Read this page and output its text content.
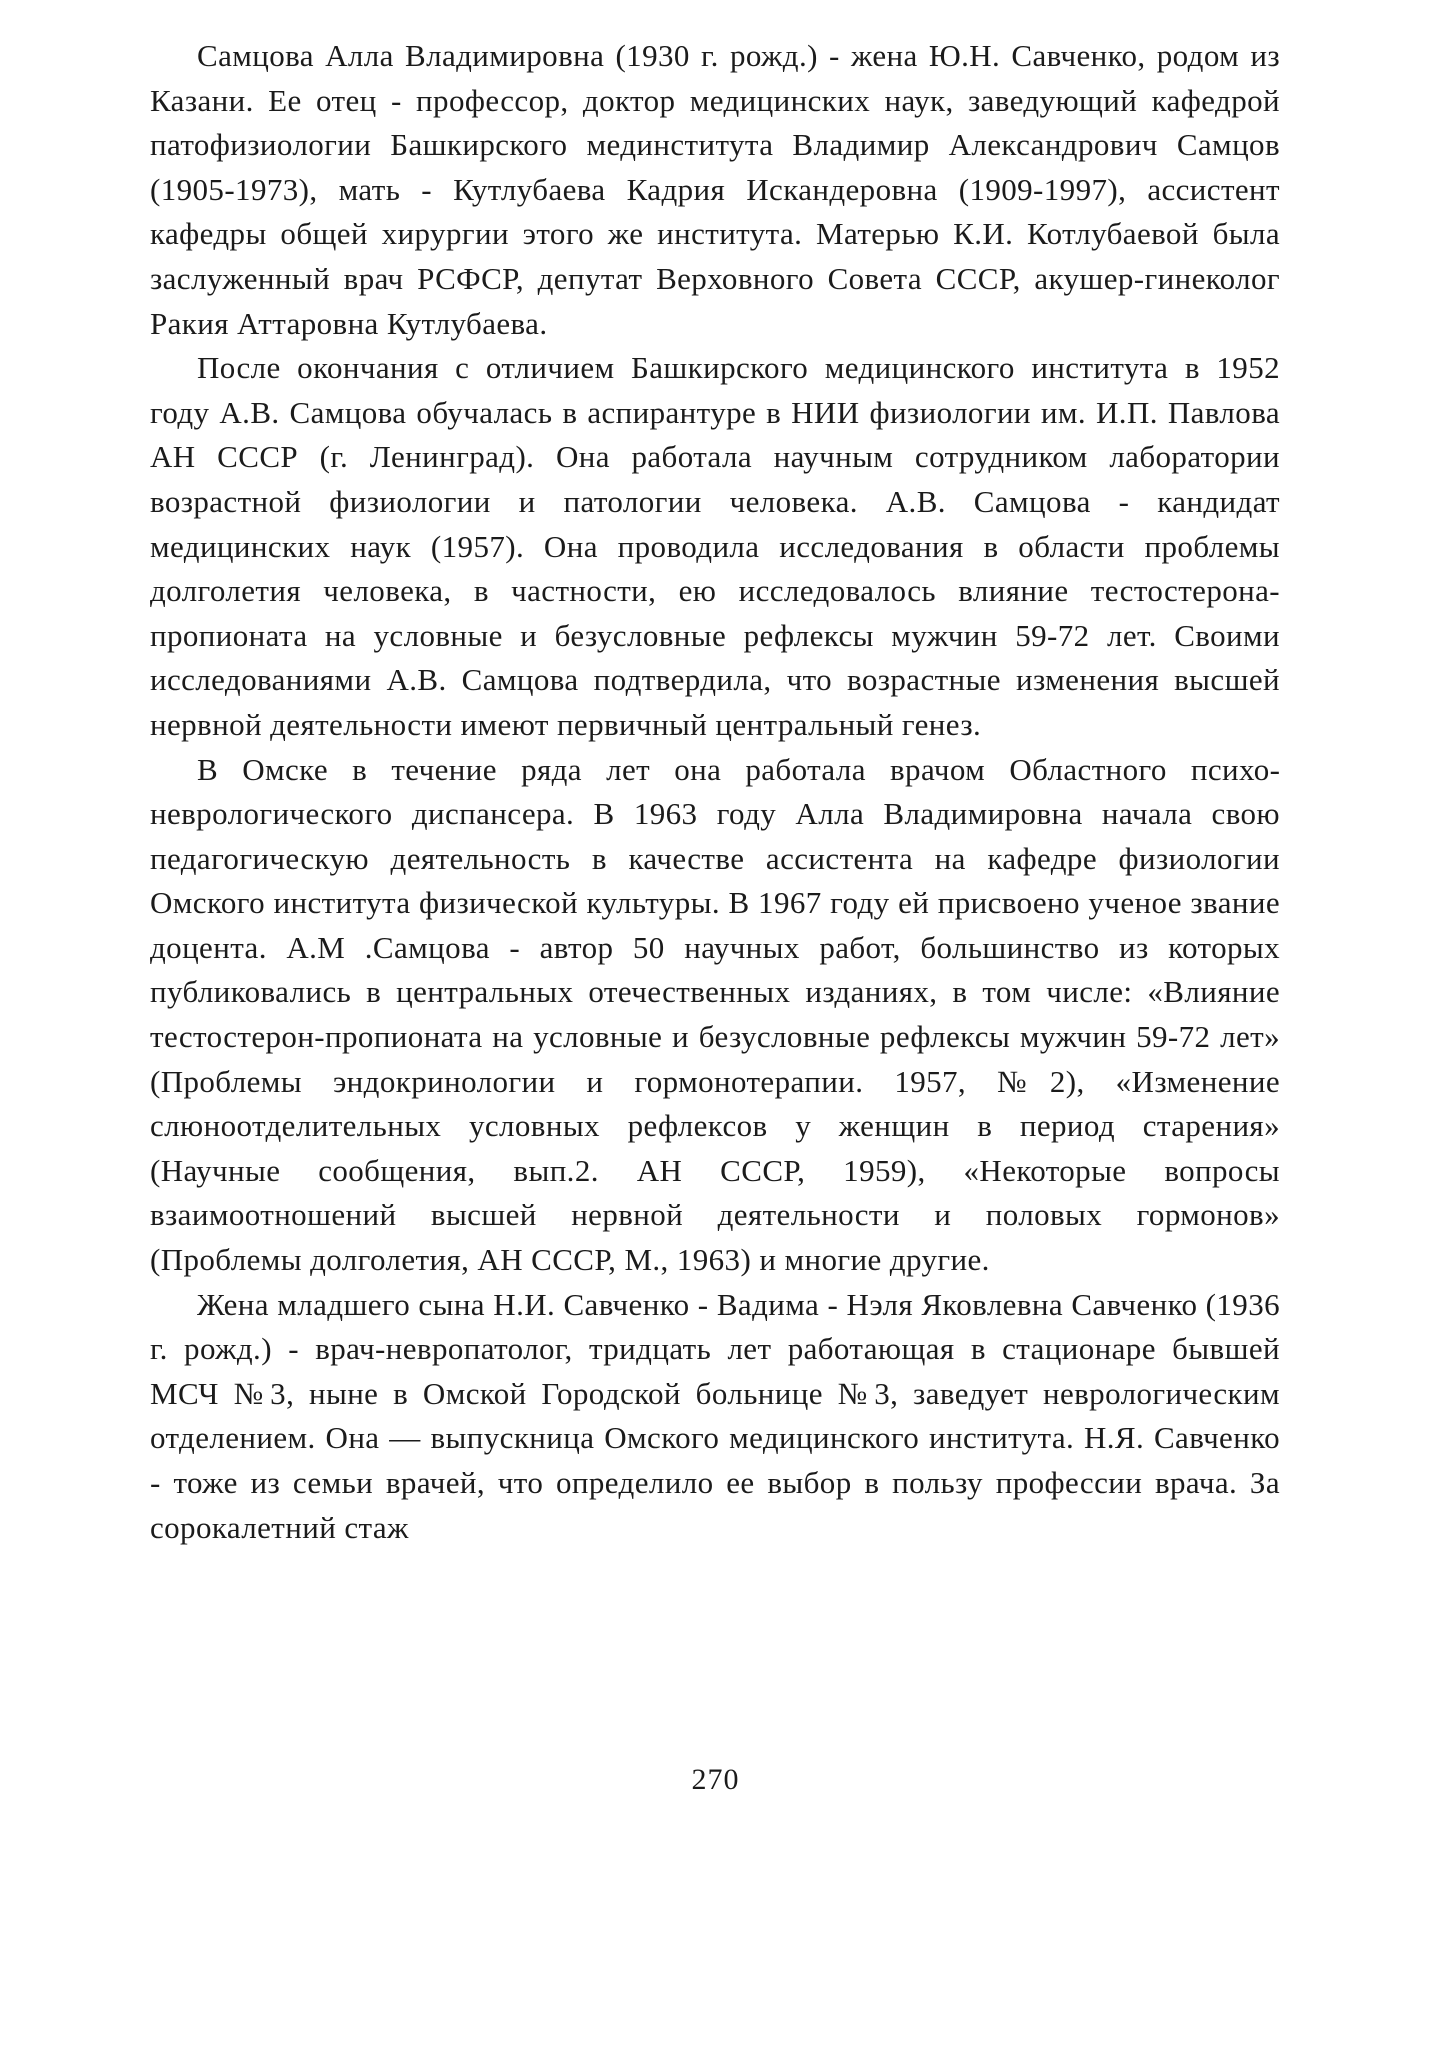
Самцова Алла Владимировна (1930 г. рожд.) - жена Ю.Н. Савченко, родом из Казани. Ее отец - профессор, доктор медицинских наук, заведующий кафедрой патофизиологии Башкирского мединститута Владимир Александрович Самцов (1905-1973), мать - Кутлубаева Кадрия Искандеровна (1909-1997), ассистент кафедры общей хирургии этого же института. Матерью К.И. Котлубаевой была заслуженный врач РСФСР, депутат Верховного Совета СССР, акушер-гинеколог Ракия Аттаровна Кутлубаева.

После окончания с отличием Башкирского медицинского института в 1952 году А.В. Самцова обучалась в аспирантуре в НИИ физиологии им. И.П. Павлова АН СССР (г. Ленинград). Она работала научным сотрудником лаборатории возрастной физиологии и патологии человека. А.В. Самцова - кандидат медицинских наук (1957). Она проводила исследования в области проблемы долголетия человека, в частности, ею исследовалось влияние тестостерона-пропионата на условные и безусловные рефлексы мужчин 59-72 лет. Своими исследованиями А.В. Самцова подтвердила, что возрастные изменения высшей нервной деятельности имеют первичный центральный генез.

В Омске в течение ряда лет она работала врачом Областного психоневрологического диспансера. В 1963 году Алла Владимировна начала свою педагогическую деятельность в качестве ассистента на кафедре физиологии Омского института физической культуры. В 1967 году ей присвоено ученое звание доцента. А.М .Самцова - автор 50 научных работ, большинство из которых публиковались в центральных отечественных изданиях, в том числе: «Влияние тестостерон-пропионата на условные и безусловные рефлексы мужчин 59-72 лет» (Проблемы эндокринологии и гормонотерапии. 1957, №2), «Изменение слюноотделительных условных рефлексов у женщин в период старения» (Научные сообщения, вып.2. АН СССР, 1959), «Некоторые вопросы взаимоотношений высшей нервной деятельности и половых гормонов» (Проблемы долголетия, АН СССР, М., 1963) и многие другие.

Жена младшего сына Н.И. Савченко - Вадима - Нэля Яковлевна Савченко (1936 г. рожд.) - врач-невропатолог, тридцать лет работающая в стационаре бывшей МСЧ №3, ныне в Омской Городской больнице №3, заведует неврологическим отделением. Она — выпускница Омского медицинского института. Н.Я. Савченко - тоже из семьи врачей, что определило ее выбор в пользу профессии врача. За сорокалетний стаж

270
